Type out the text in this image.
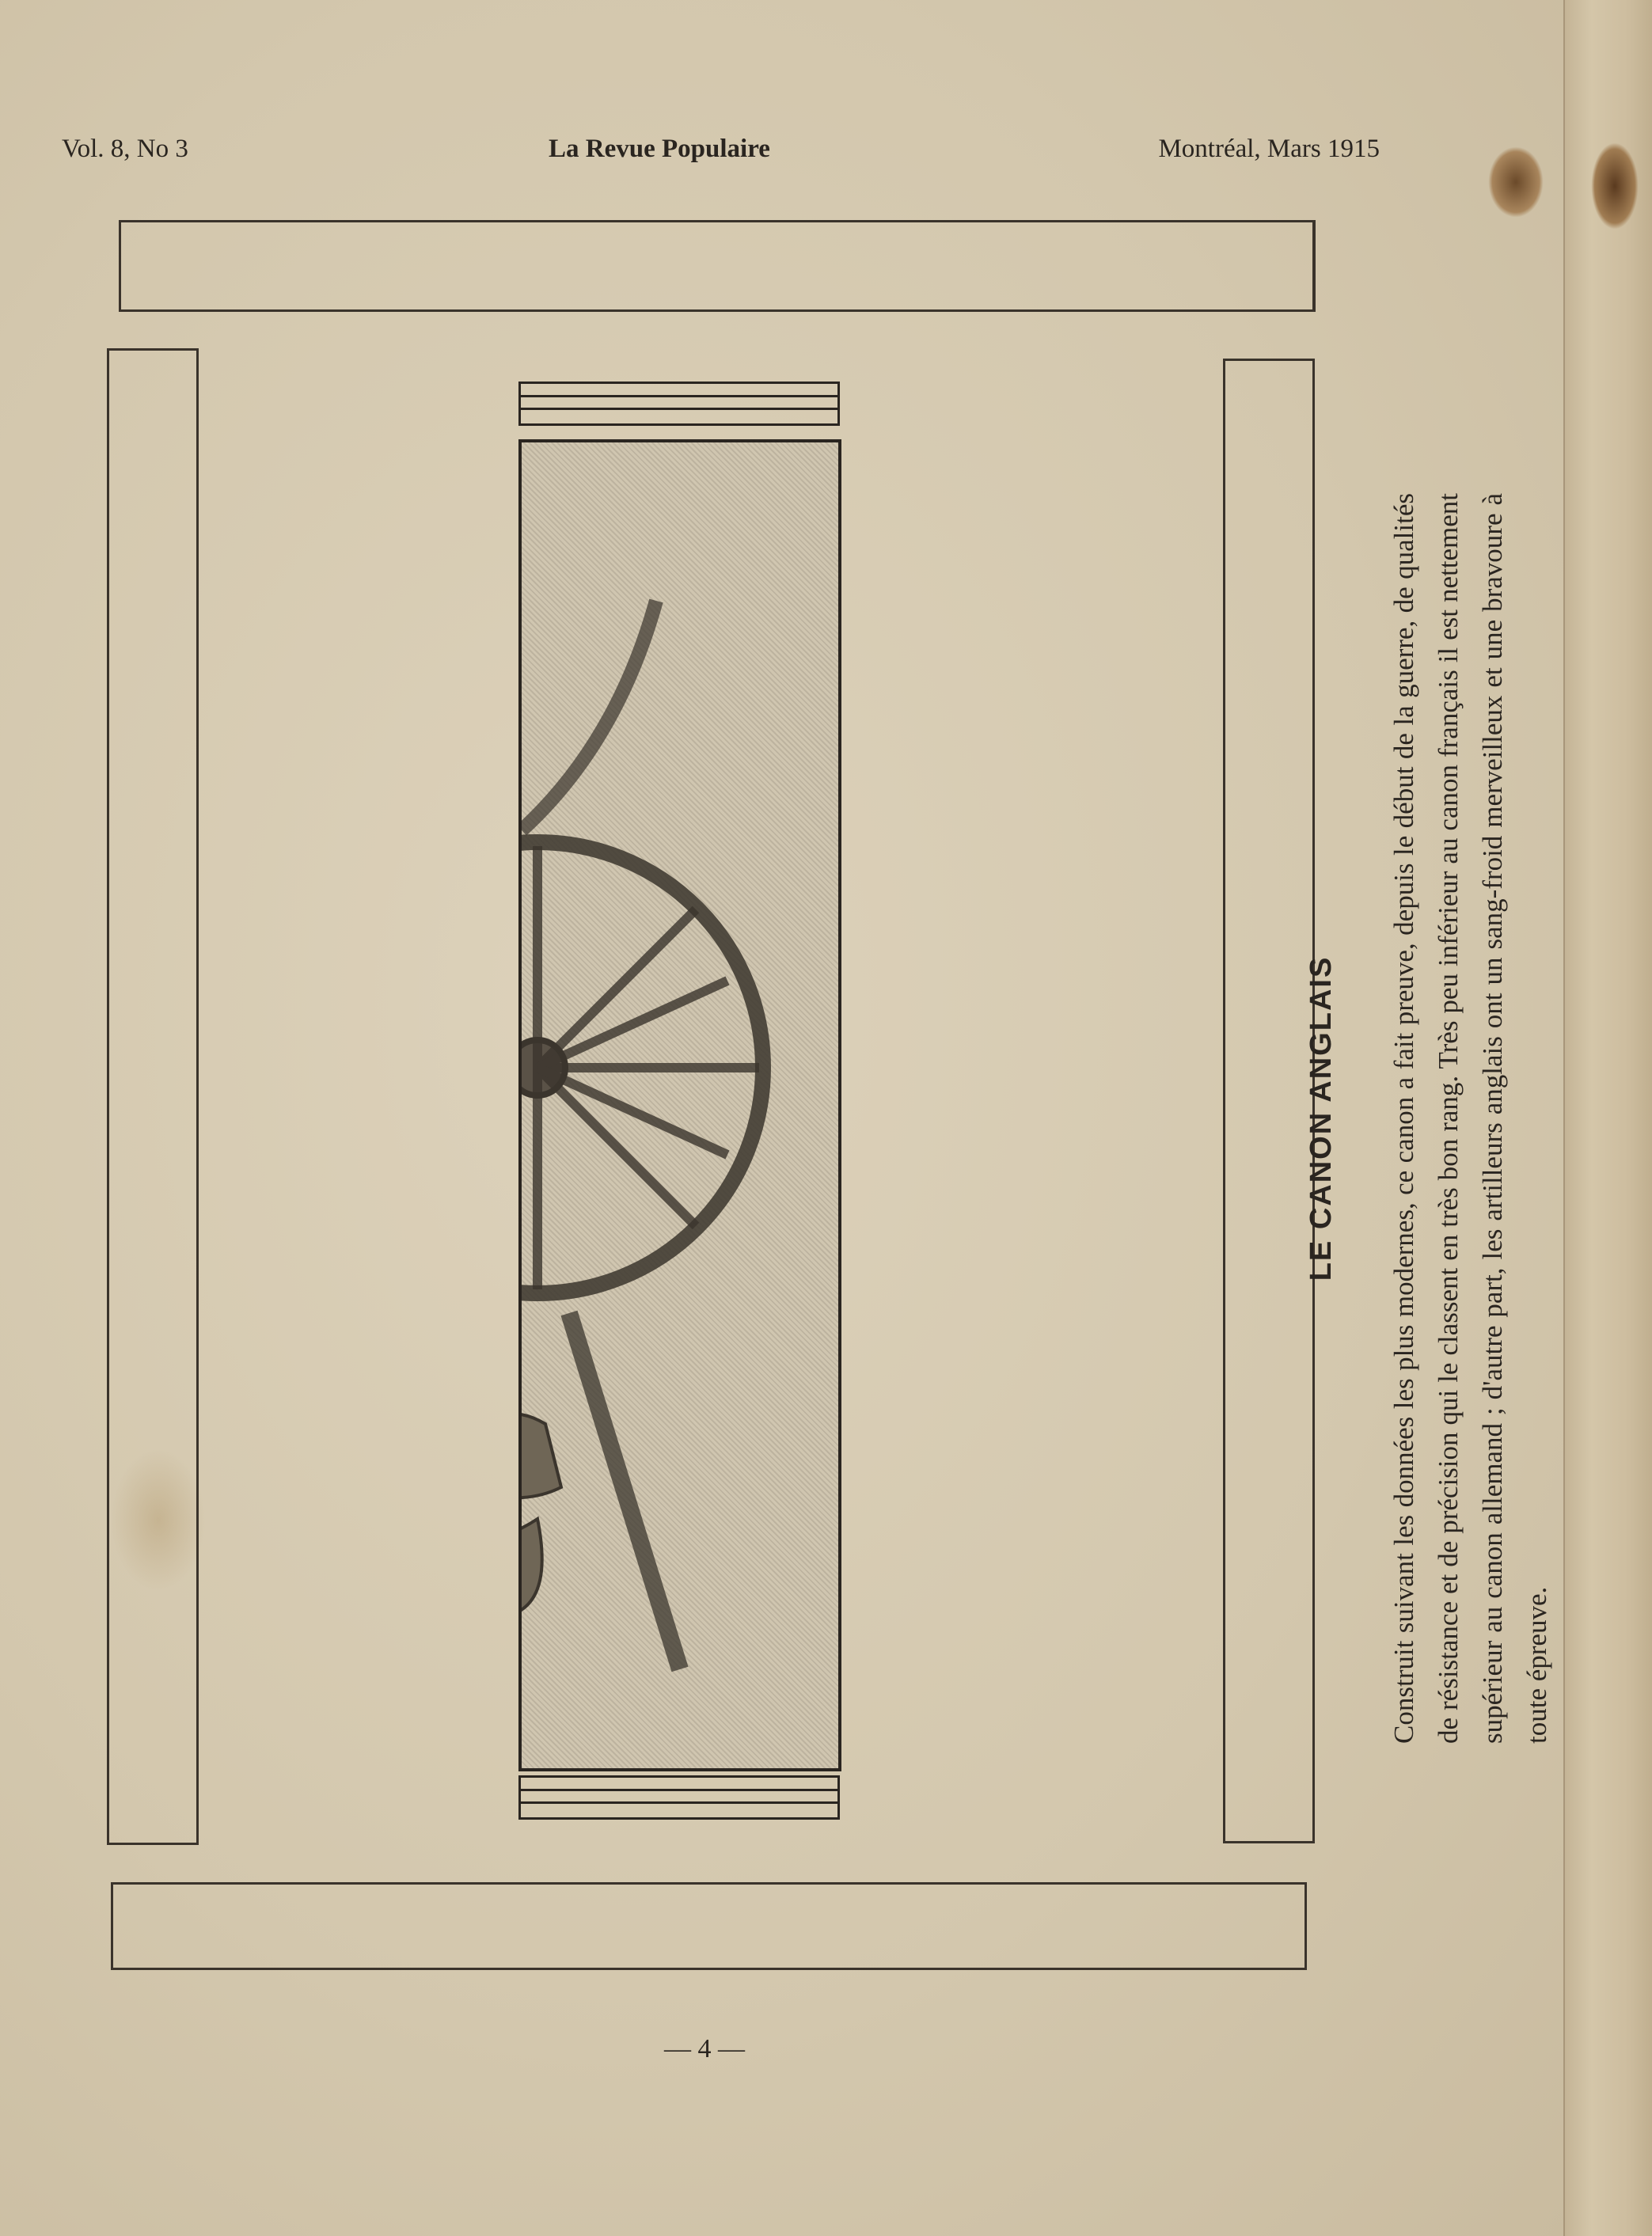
Vol. 8, No 3	La Revue Populaire	Montréal, Mars 1915
LE CANON ANGLAIS Construit suivant les données les plus modernes, ce canon a fait preuve, depuis le début de la guerre, de qualités de résistance et de précision qui le classent en très bon rang. Très peu inférieur au canon français il est nettement supérieur au canon allemand ; d'autre part, les artilleurs anglais ont un sang-froid merveilleux et une bravoure à toute épreuve.

— 4 —
